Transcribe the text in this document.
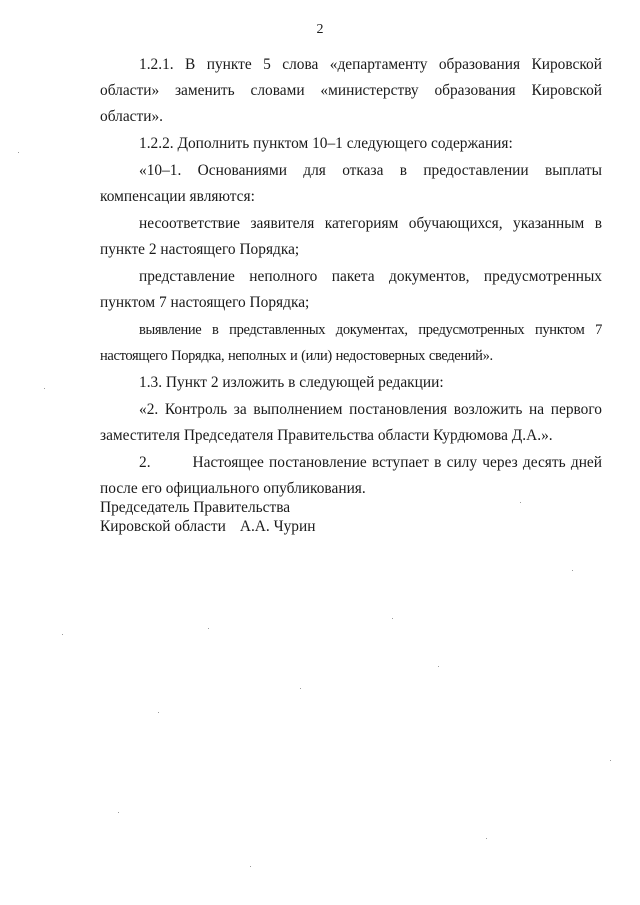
2

1.2.1. В пункте 5 слова «департаменту образования Кировской области» заменить словами «министерству образования Кировской области».

1.2.2. Дополнить пунктом 10–1 следующего содержания:

«10–1. Основаниями для отказа в предоставлении выплаты компенсации являются:

несоответствие заявителя категориям обучающихся, указанным в пункте 2 настоящего Порядка;

представление неполного пакета документов, предусмотренных пунктом 7 настоящего Порядка;

выявление в представленных документах, предусмотренных пунктом 7 настоящего Порядка, неполных и (или) недостоверных сведений».

1.3. Пункт 2 изложить в следующей редакции:

«2. Контроль за выполнением постановления возложить на первого заместителя Председателя Правительства области Курдюмова Д.А.».

2.        Настоящее постановление вступает в силу через десять дней после его официального опубликования.

Председатель Правительства

Кировской области А.А. Чурин
